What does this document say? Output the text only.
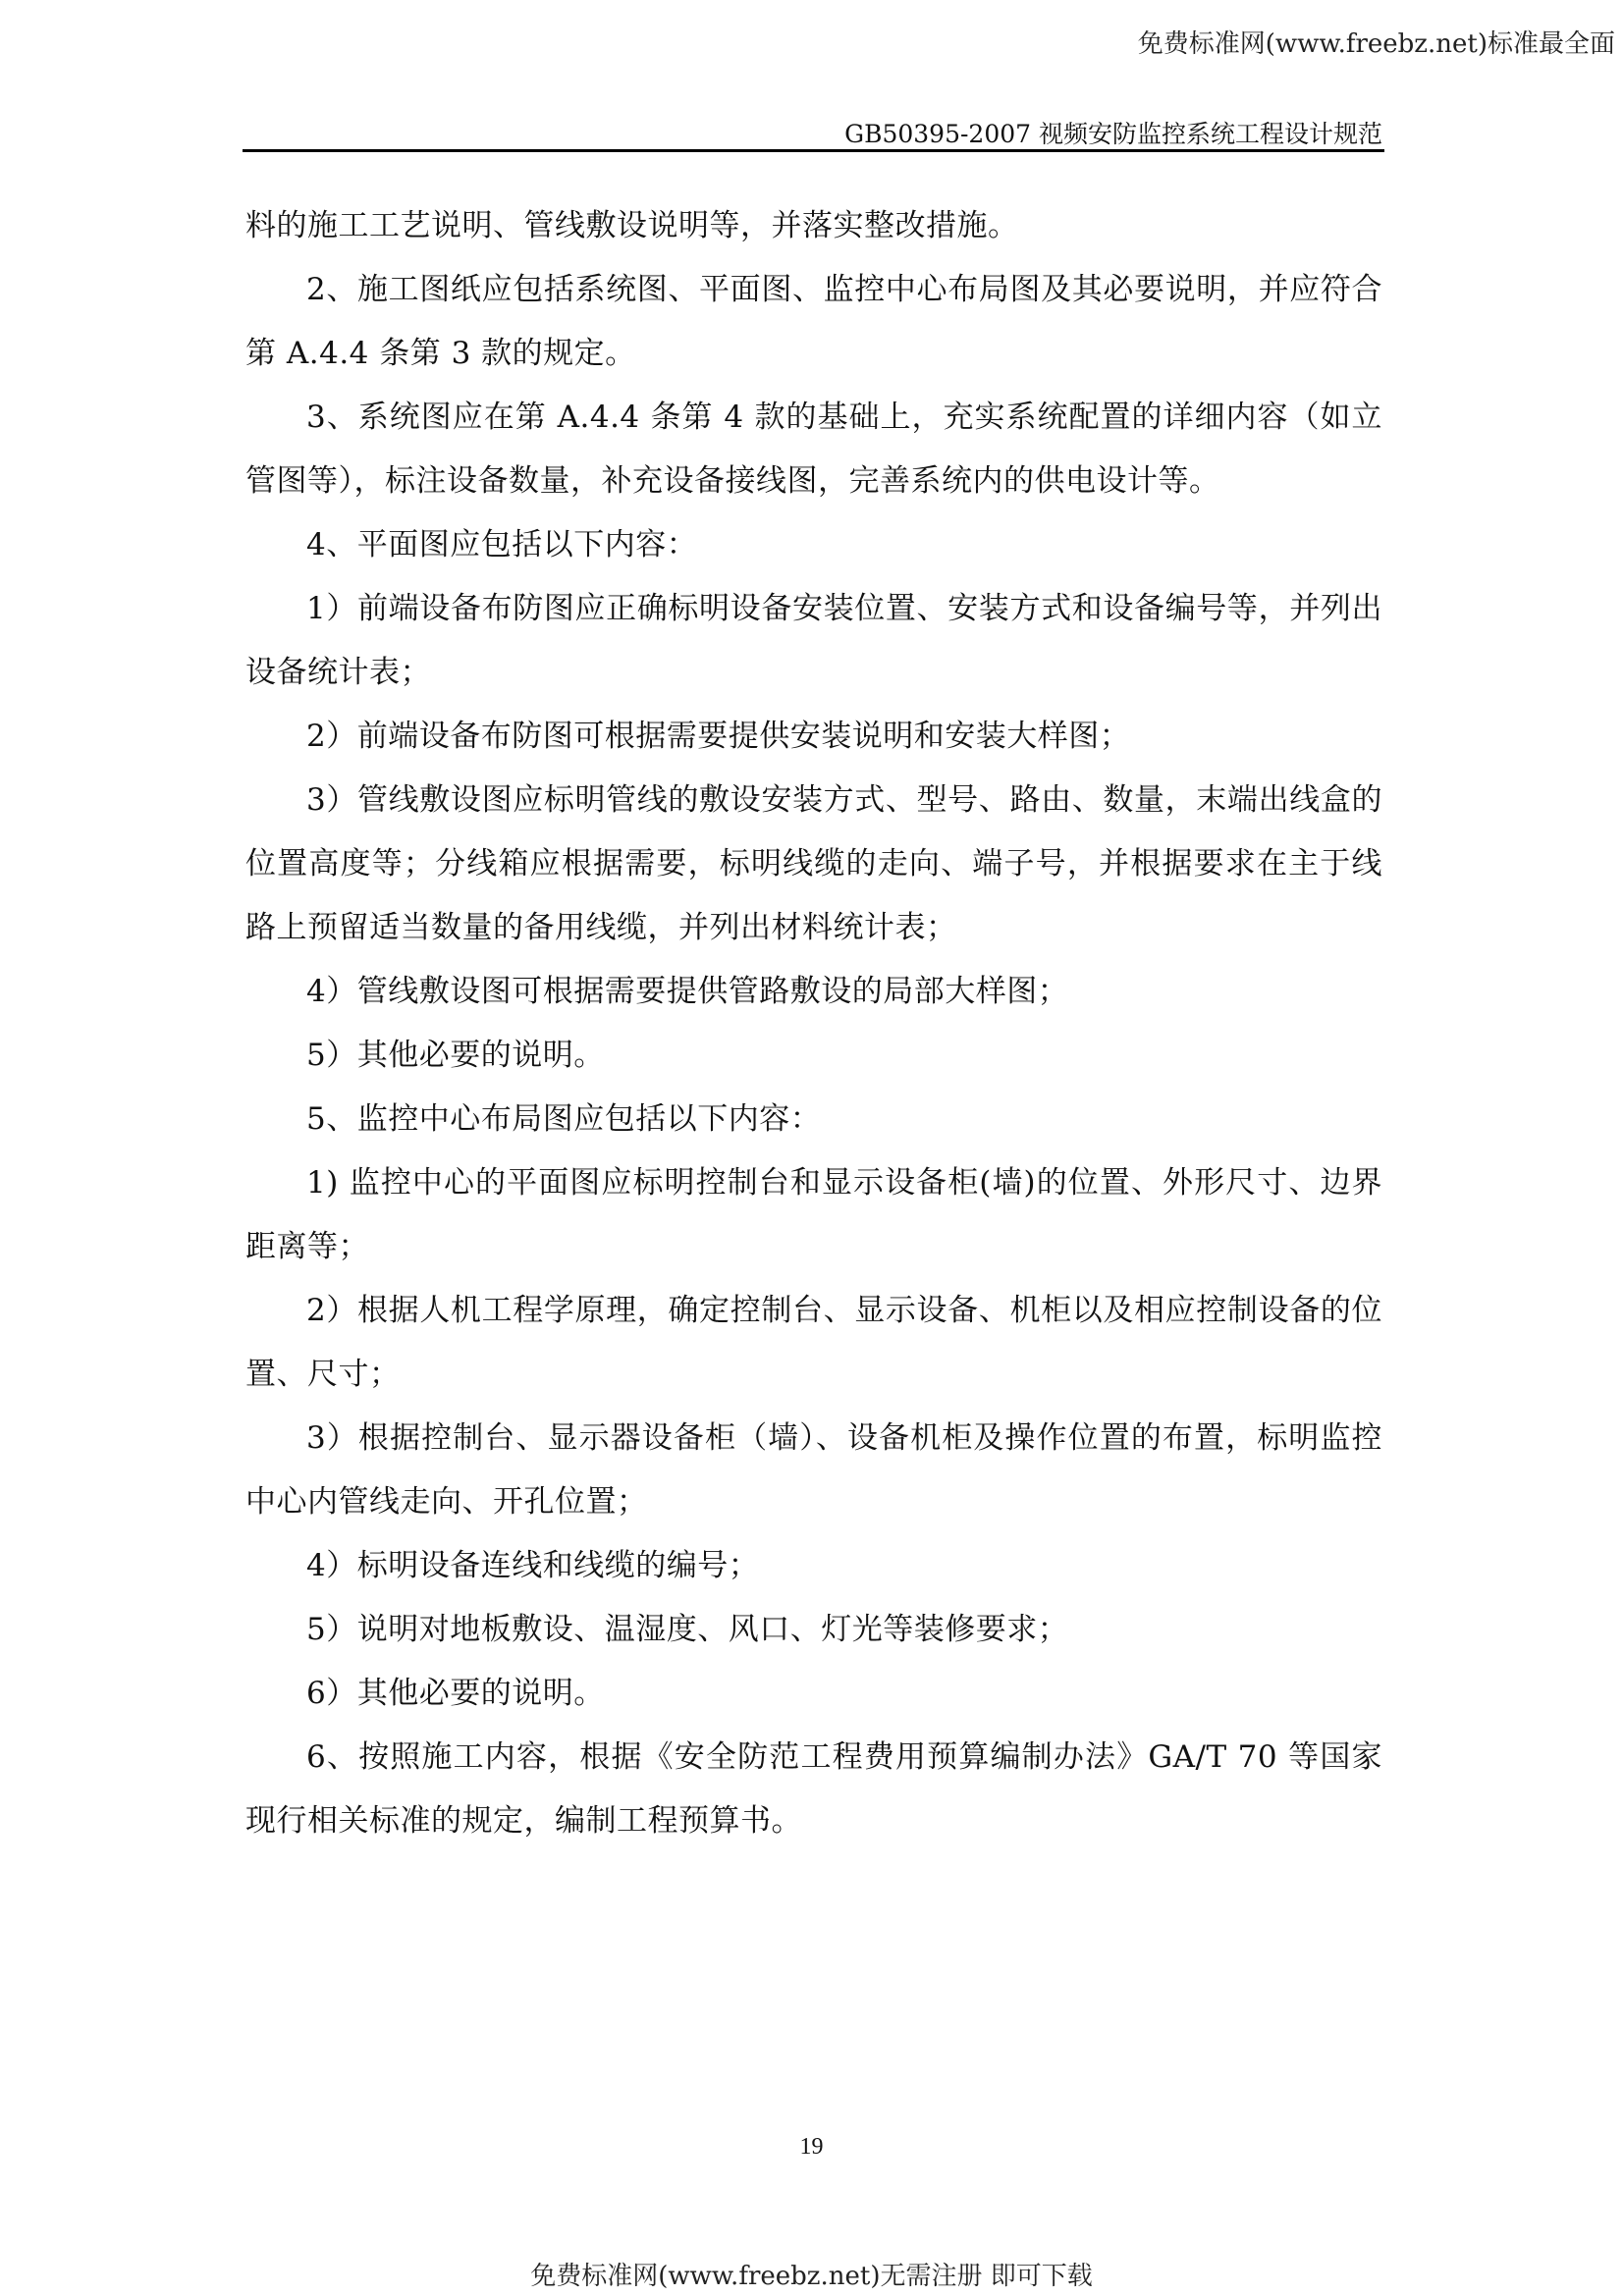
免费标准网(www.freebz.net)标准最全面
GB50395-2007 视频安防监控系统工程设计规范

料的施工工艺说明、管线敷设说明等，并落实整改措施。

2、施工图纸应包括系统图、平面图、监控中心布局图及其必要说明，并应符合第 A.4.4 条第 3 款的规定。

3、系统图应在第 A.4.4 条第 4 款的基础上，充实系统配置的详细内容（如立管图等），标注设备数量，补充设备接线图，完善系统内的供电设计等。

4、平面图应包括以下内容：

1）前端设备布防图应正确标明设备安装位置、安装方式和设备编号等，并列出设备统计表；

2）前端设备布防图可根据需要提供安装说明和安装大样图；

3）管线敷设图应标明管线的敷设安装方式、型号、路由、数量，末端出线盒的位置高度等；分线箱应根据需要，标明线缆的走向、端子号，并根据要求在主于线路上预留适当数量的备用线缆，并列出材料统计表；

4）管线敷设图可根据需要提供管路敷设的局部大样图；

5）其他必要的说明。

5、监控中心布局图应包括以下内容：

1) 监控中心的平面图应标明控制台和显示设备柜(墙)的位置、外形尺寸、边界距离等；

2）根据人机工程学原理，确定控制台、显示设备、机柜以及相应控制设备的位置、尺寸；

3）根据控制台、显示器设备柜（墙）、设备机柜及操作位置的布置，标明监控中心内管线走向、开孔位置；

4）标明设备连线和线缆的编号；

5）说明对地板敷设、温湿度、风口、灯光等装修要求；

6）其他必要的说明。

6、按照施工内容，根据《安全防范工程费用预算编制办法》GA/T 70 等国家现行相关标准的规定，编制工程预算书。

19
免费标准网(www.freebz.net)无需注册 即可下载
